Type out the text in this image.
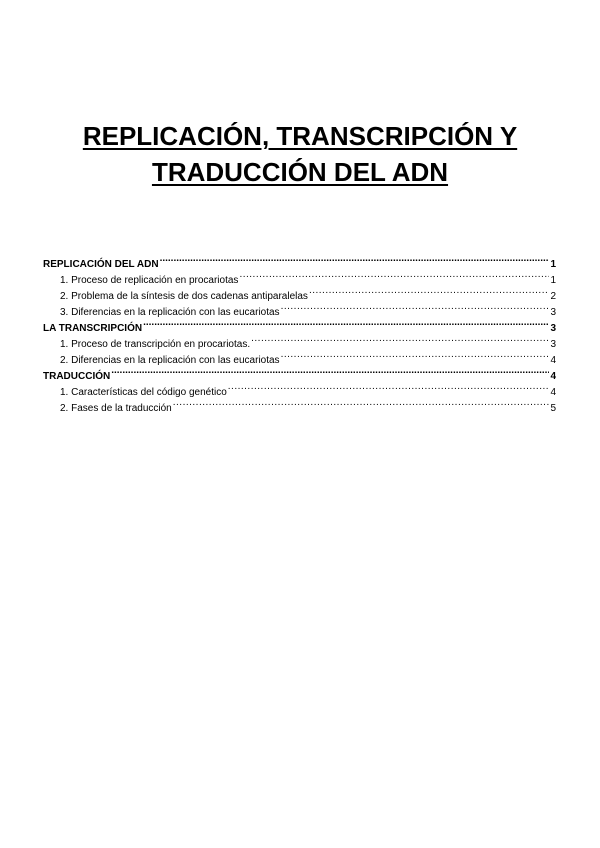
REPLICACIÓN, TRANSCRIPCIÓN Y
TRADUCCIÓN DEL ADN
REPLICACIÓN DEL ADN .....	1
1. Proceso de replicación en procariotas .....	1
2. Problema de la síntesis de dos cadenas antiparalelas .....	2
3. Diferencias en la replicación con las eucariotas .....	3
LA TRANSCRIPCIÓN .....	3
1. Proceso de transcripción en procariotas. .....	3
2. Diferencias en la replicación con las eucariotas .....	4
TRADUCCIÓN .....	4
1. Características del código genético .....	4
2. Fases de la traducción .....	5
